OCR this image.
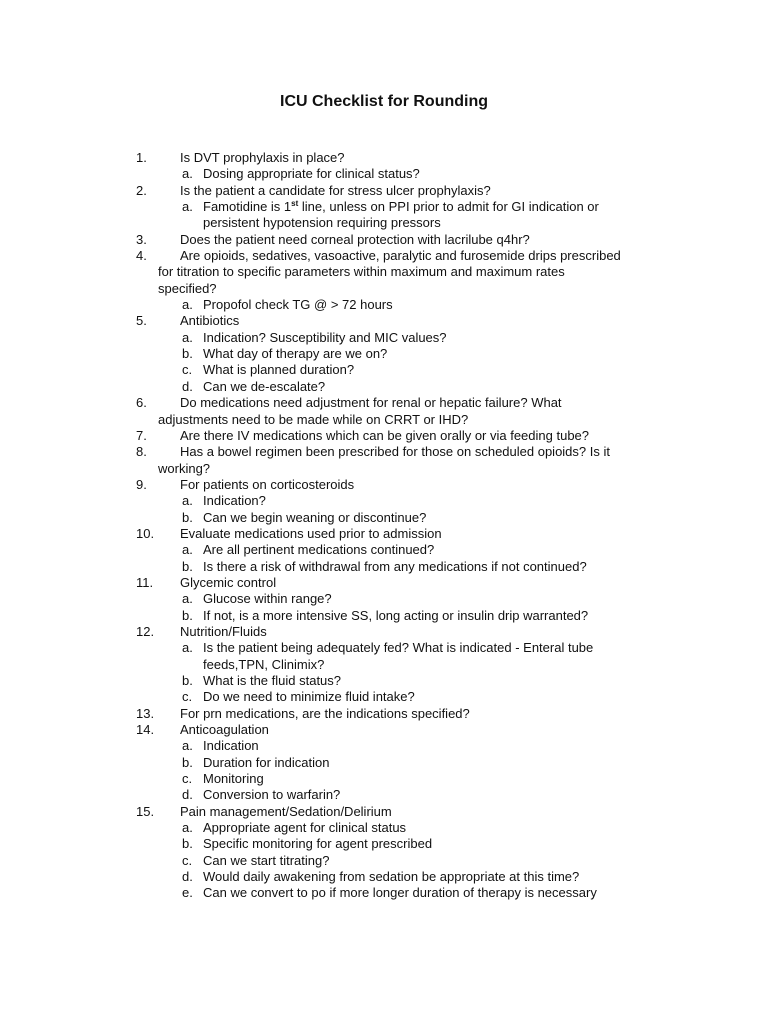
ICU Checklist for Rounding
1.	Is DVT prophylaxis in place?
a. Dosing appropriate for clinical status?
2.	Is the patient a candidate for stress ulcer prophylaxis?
a. Famotidine is 1st line, unless on PPI prior to admit for GI indication or
persistent hypotension requiring pressors
3.	Does the patient need corneal protection with lacrilube q4hr?
4.	Are opioids, sedatives, vasoactive, paralytic and furosemide drips prescribed
for titration to specific parameters within maximum and maximum rates
specified?
a. Propofol check TG @ > 72 hours
5.	Antibiotics
a. Indication? Susceptibility and MIC values?
b. What day of therapy are we on?
c. What is planned duration?
d. Can we de-escalate?
6.	Do medications need adjustment for renal or hepatic failure? What
adjustments need to be made while on CRRT or IHD?
7.	Are there IV medications which can be given orally or via feeding tube?
8.	Has a bowel regimen been prescribed for those on scheduled opioids? Is it
working?
9.	For patients on corticosteroids
a. Indication?
b. Can we begin weaning or discontinue?
10. Evaluate medications used prior to admission
a. Are all pertinent medications continued?
b. Is there a risk of withdrawal from any medications if not continued?
11. Glycemic control
a. Glucose within range?
b. If not, is a more intensive SS, long acting or insulin drip warranted?
12. Nutrition/Fluids
a. Is the patient being adequately fed? What is indicated - Enteral tube
feeds,TPN, Clinimix?
b. What is the fluid status?
c. Do we need to minimize fluid intake?
13. For prn medications, are the indications specified?
14. Anticoagulation
a. Indication
b. Duration for indication
c. Monitoring
d. Conversion to warfarin?
15. Pain management/Sedation/Delirium
a. Appropriate agent for clinical status
b. Specific monitoring for agent prescribed
c. Can we start titrating?
d. Would daily awakening from sedation be appropriate at this time?
e. Can we convert to po if more longer duration of therapy is necessary
